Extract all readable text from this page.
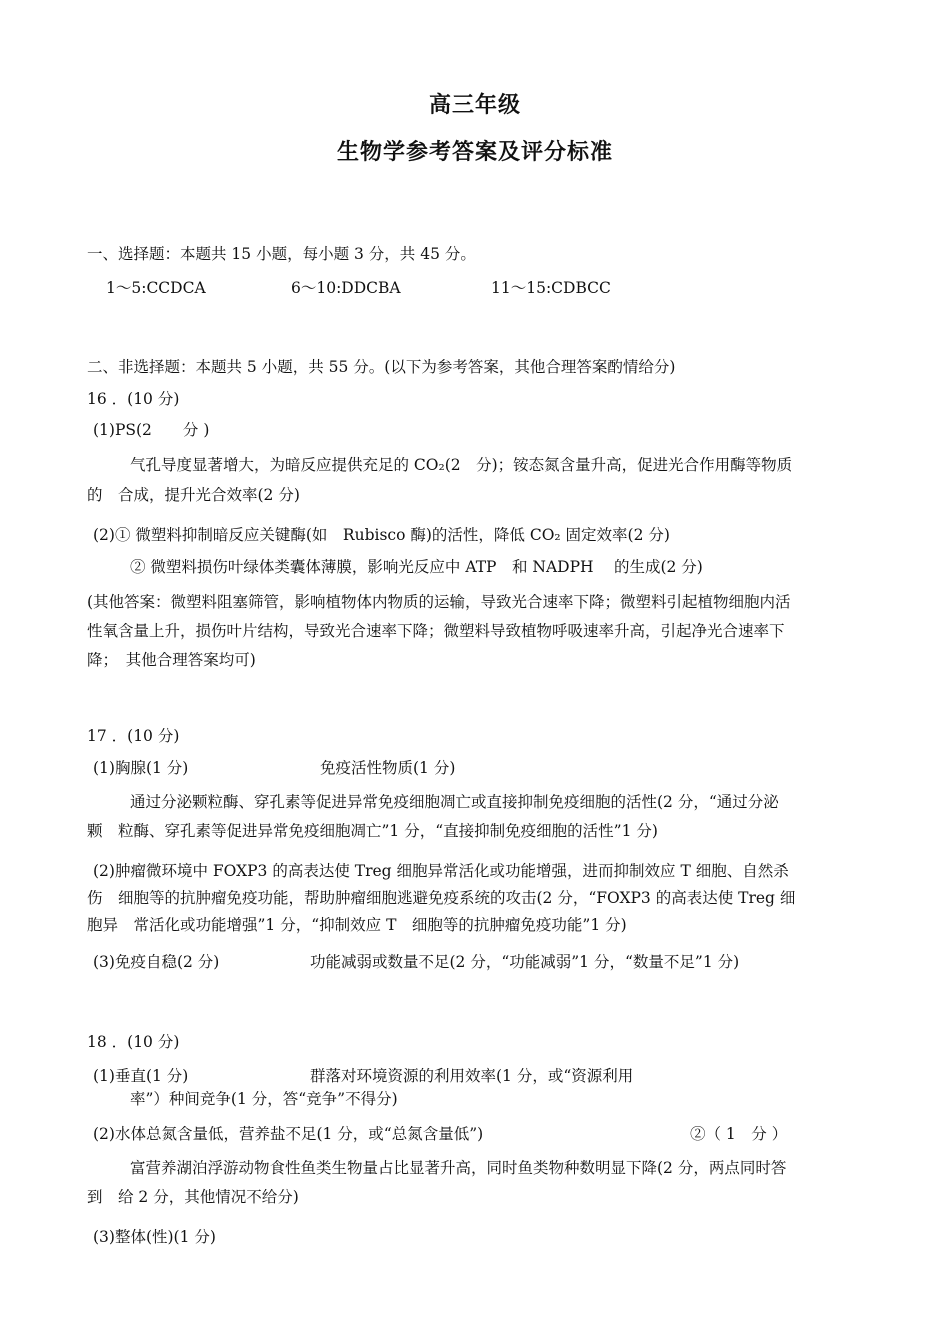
高三年级
生物学参考答案及评分标准
一、选择题：本题共 15 小题，每小题 3 分，共 45 分。
1～5:CCDCA	6～10:DDCBA	11～15:CDBCC
二、非选择题：本题共 5 小题，共 55 分。(以下为参考答案，其他合理答案酌情给分)
16 ．(10 分)
(1)PS(2　　分 )
气孔导度显著增大，为暗反应提供充足的 CO₂(2　分)；铵态氮含量升高，促进光合作用酶等物质
的　合成，提升光合效率(2 分)
(2)① 微塑料抑制暗反应关键酶(如　Rubisco 酶)的活性，降低 CO₂ 固定效率(2 分)
② 微塑料损伤叶绿体类囊体薄膜，影响光反应中 ATP　和 NADPH　 的生成(2 分)
(其他答案：微塑料阻塞筛管，影响植物体内物质的运输，导致光合速率下降；微塑料引起植物细胞内活
性氧含量上升，损伤叶片结构，导致光合速率下降；微塑料导致植物呼吸速率升高，引起净光合速率下
降；　其他合理答案均可)
17 ．(10 分)
(1)胸腺(1 分)	免疫活性物质(1 分)
通过分泌颗粒酶、穿孔素等促进异常免疫细胞凋亡或直接抑制免疫细胞的活性(2 分，“通过分泌
颗　粒酶、穿孔素等促进异常免疫细胞凋亡”1 分，“直接抑制免疫细胞的活性”1 分)
(2)肿瘤微环境中 FOXP3 的高表达使 Treg 细胞异常活化或功能增强，进而抑制效应 T 细胞、自然杀
伤　细胞等的抗肿瘤免疫功能，帮助肿瘤细胞逃避免疫系统的攻击(2 分，“FOXP3 的高表达使 Treg 细
胞异　常活化或功能增强”1 分，“抑制效应 T　细胞等的抗肿瘤免疫功能”1 分)
(3)免疫自稳(2 分)	功能减弱或数量不足(2 分，“功能减弱”1 分，“数量不足”1 分)
18 ．(10 分)
(1)垂直(1 分)	群落对环境资源的利用效率(1 分，或“资源利用
率”）种间竞争(1 分，答“竞争”不得分)
(2)水体总氮含量低，营养盐不足(1 分，或“总氮含量低”)	②（ 1　分 ）
富营养湖泊浮游动物食性鱼类生物量占比显著升高，同时鱼类物种数明显下降(2 分，两点同时答
到　给 2 分，其他情况不给分)
(3)整体(性)(1 分)
